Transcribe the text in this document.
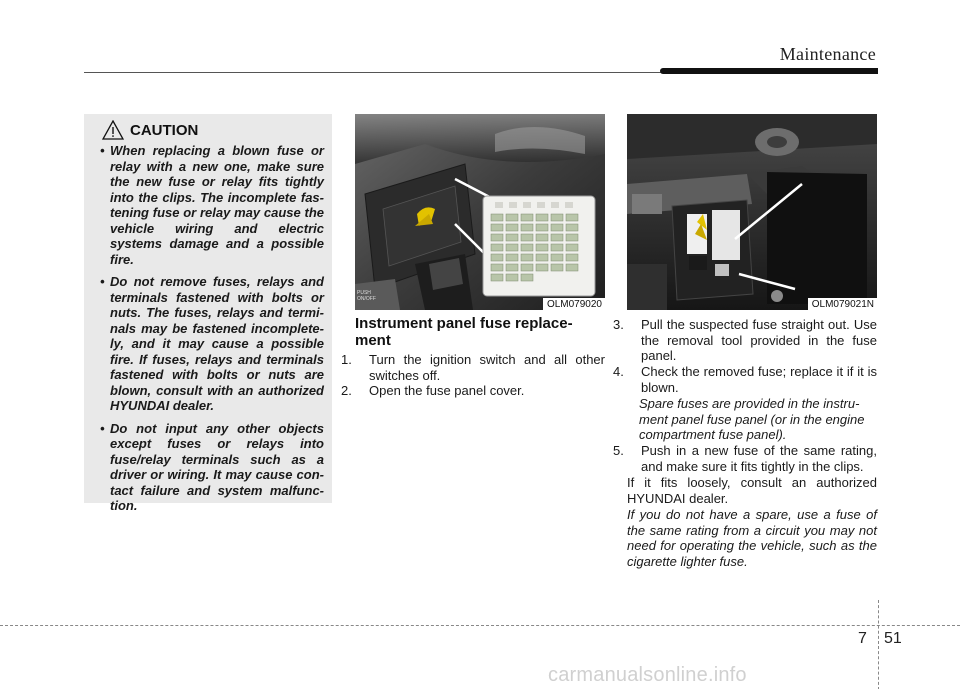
Maintenance
CAUTION
• When replacing a blown fuse or relay with a new one, make sure the new fuse or relay fits tightly into the clips. The incomplete fas- tening fuse or relay may cause the vehicle wiring and electric systems damage and a possible fire.
• Do not remove fuses, relays and terminals fastened with bolts or nuts. The fuses, relays and termi- nals may be fastened incomplete- ly, and it may cause a possible fire. If fuses, relays and terminals fastened with bolts or nuts are blown, consult with an authorized HYUNDAI dealer.
• Do not input any other objects except fuses or relays into fuse/relay terminals such as a driver or wiring. It may cause con- tact failure and system malfunc- tion.
PUSH ON/OFF	OLM079020	OLM079021N
Instrument panel fuse replace- ment
1. Turn the ignition switch and all other switches off.
2. Open the fuse panel cover.
3. Pull the suspected fuse straight out. Use the removal tool provided in the fuse panel.
4. Check the removed fuse; replace it if it is blown.
Spare fuses are provided in the instru- ment panel fuse panel (or in the engine compartment fuse panel).
5. Push in a new fuse of the same rating, and make sure it fits tightly in the clips.
If it fits loosely, consult an authorized HYUNDAI dealer.
If you do not have a spare, use a fuse of the same rating from a circuit you may not need for operating the vehicle, such as the cigarette lighter fuse.
7 51
carmanualsonline.info
